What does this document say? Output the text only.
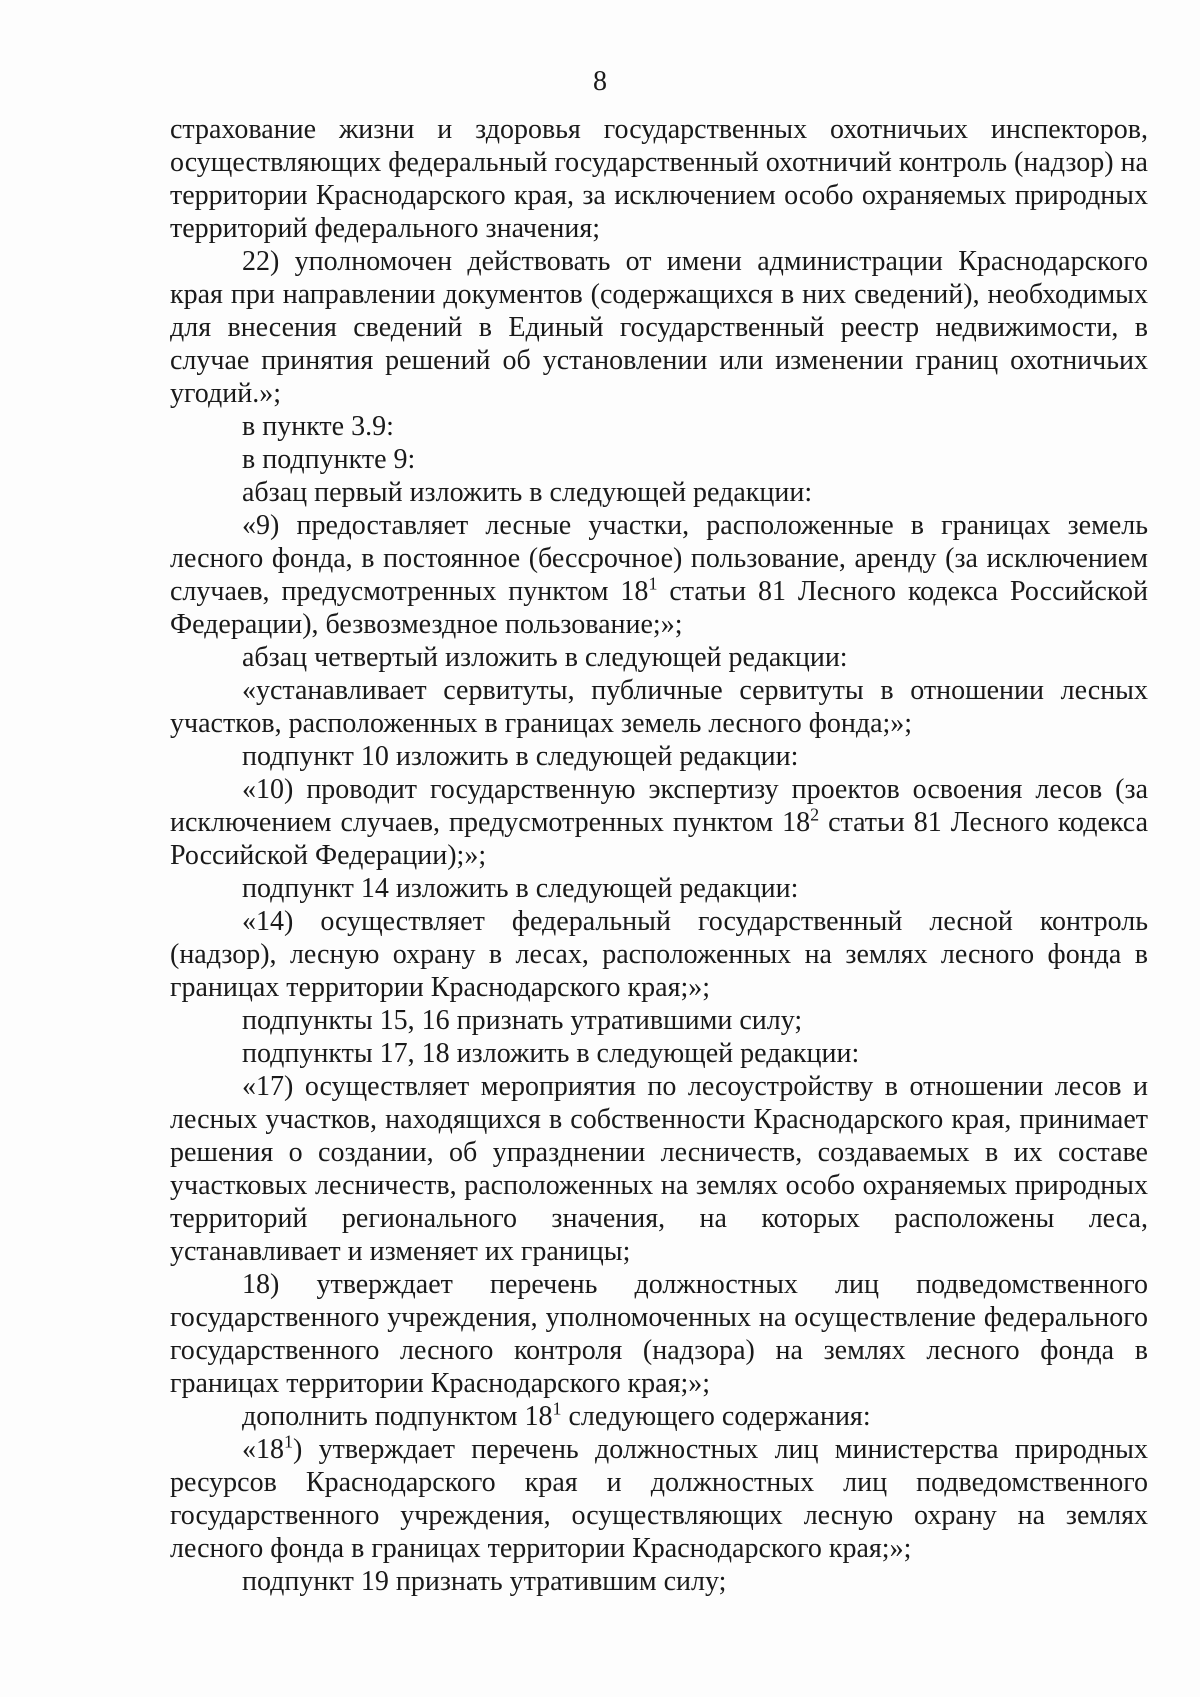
8

страхование жизни и здоровья государственных охотничьих инспекторов, осуществляющих федеральный государственный охотничий контроль (надзор) на территории Краснодарского края, за исключением особо охраняемых природных территорий федерального значения;

22) уполномочен действовать от имени администрации Краснодарского края при направлении документов (содержащихся в них сведений), необходимых для внесения сведений в Единый государственный реестр недвижимости, в случае принятия решений об установлении или изменении границ охотничьих угодий.»;

в пункте 3.9:

в подпункте 9:

абзац первый изложить в следующей редакции:

«9) предоставляет лесные участки, расположенные в границах земель лесного фонда, в постоянное (бессрочное) пользование, аренду (за исключением случаев, предусмотренных пунктом $18^1$ статьи 81 Лесного кодекса Российской Федерации), безвозмездное пользование;»;

абзац четвертый изложить в следующей редакции:

«устанавливает сервитуты, публичные сервитуты в отношении лесных участков, расположенных в границах земель лесного фонда;»;

подпункт 10 изложить в следующей редакции:

«10) проводит государственную экспертизу проектов освоения лесов (за исключением случаев, предусмотренных пунктом $18^2$ статьи 81 Лесного кодекса Российской Федерации);»;

подпункт 14 изложить в следующей редакции:

«14) осуществляет федеральный государственный лесной контроль (надзор), лесную охрану в лесах, расположенных на землях лесного фонда в границах территории Краснодарского края;»;

подпункты 15, 16 признать утратившими силу;

подпункты 17, 18 изложить в следующей редакции:

«17) осуществляет мероприятия по лесоустройству в отношении лесов и лесных участков, находящихся в собственности Краснодарского края, принимает решения о создании, об упразднении лесничеств, создаваемых в их составе участковых лесничеств, расположенных на землях особо охраняемых природных территорий регионального значения, на которых расположены леса, устанавливает и изменяет их границы;

18) утверждает перечень должностных лиц подведомственного государственного учреждения, уполномоченных на осуществление федерального государственного лесного контроля (надзора) на землях лесного фонда в границах территории Краснодарского края;»;

дополнить подпунктом $18^1$ следующего содержания:

«$18^1$) утверждает перечень должностных лиц министерства природных ресурсов Краснодарского края и должностных лиц подведомственного государственного учреждения, осуществляющих лесную охрану на землях лесного фонда в границах территории Краснодарского края;»;

подпункт 19 признать утратившим силу;
